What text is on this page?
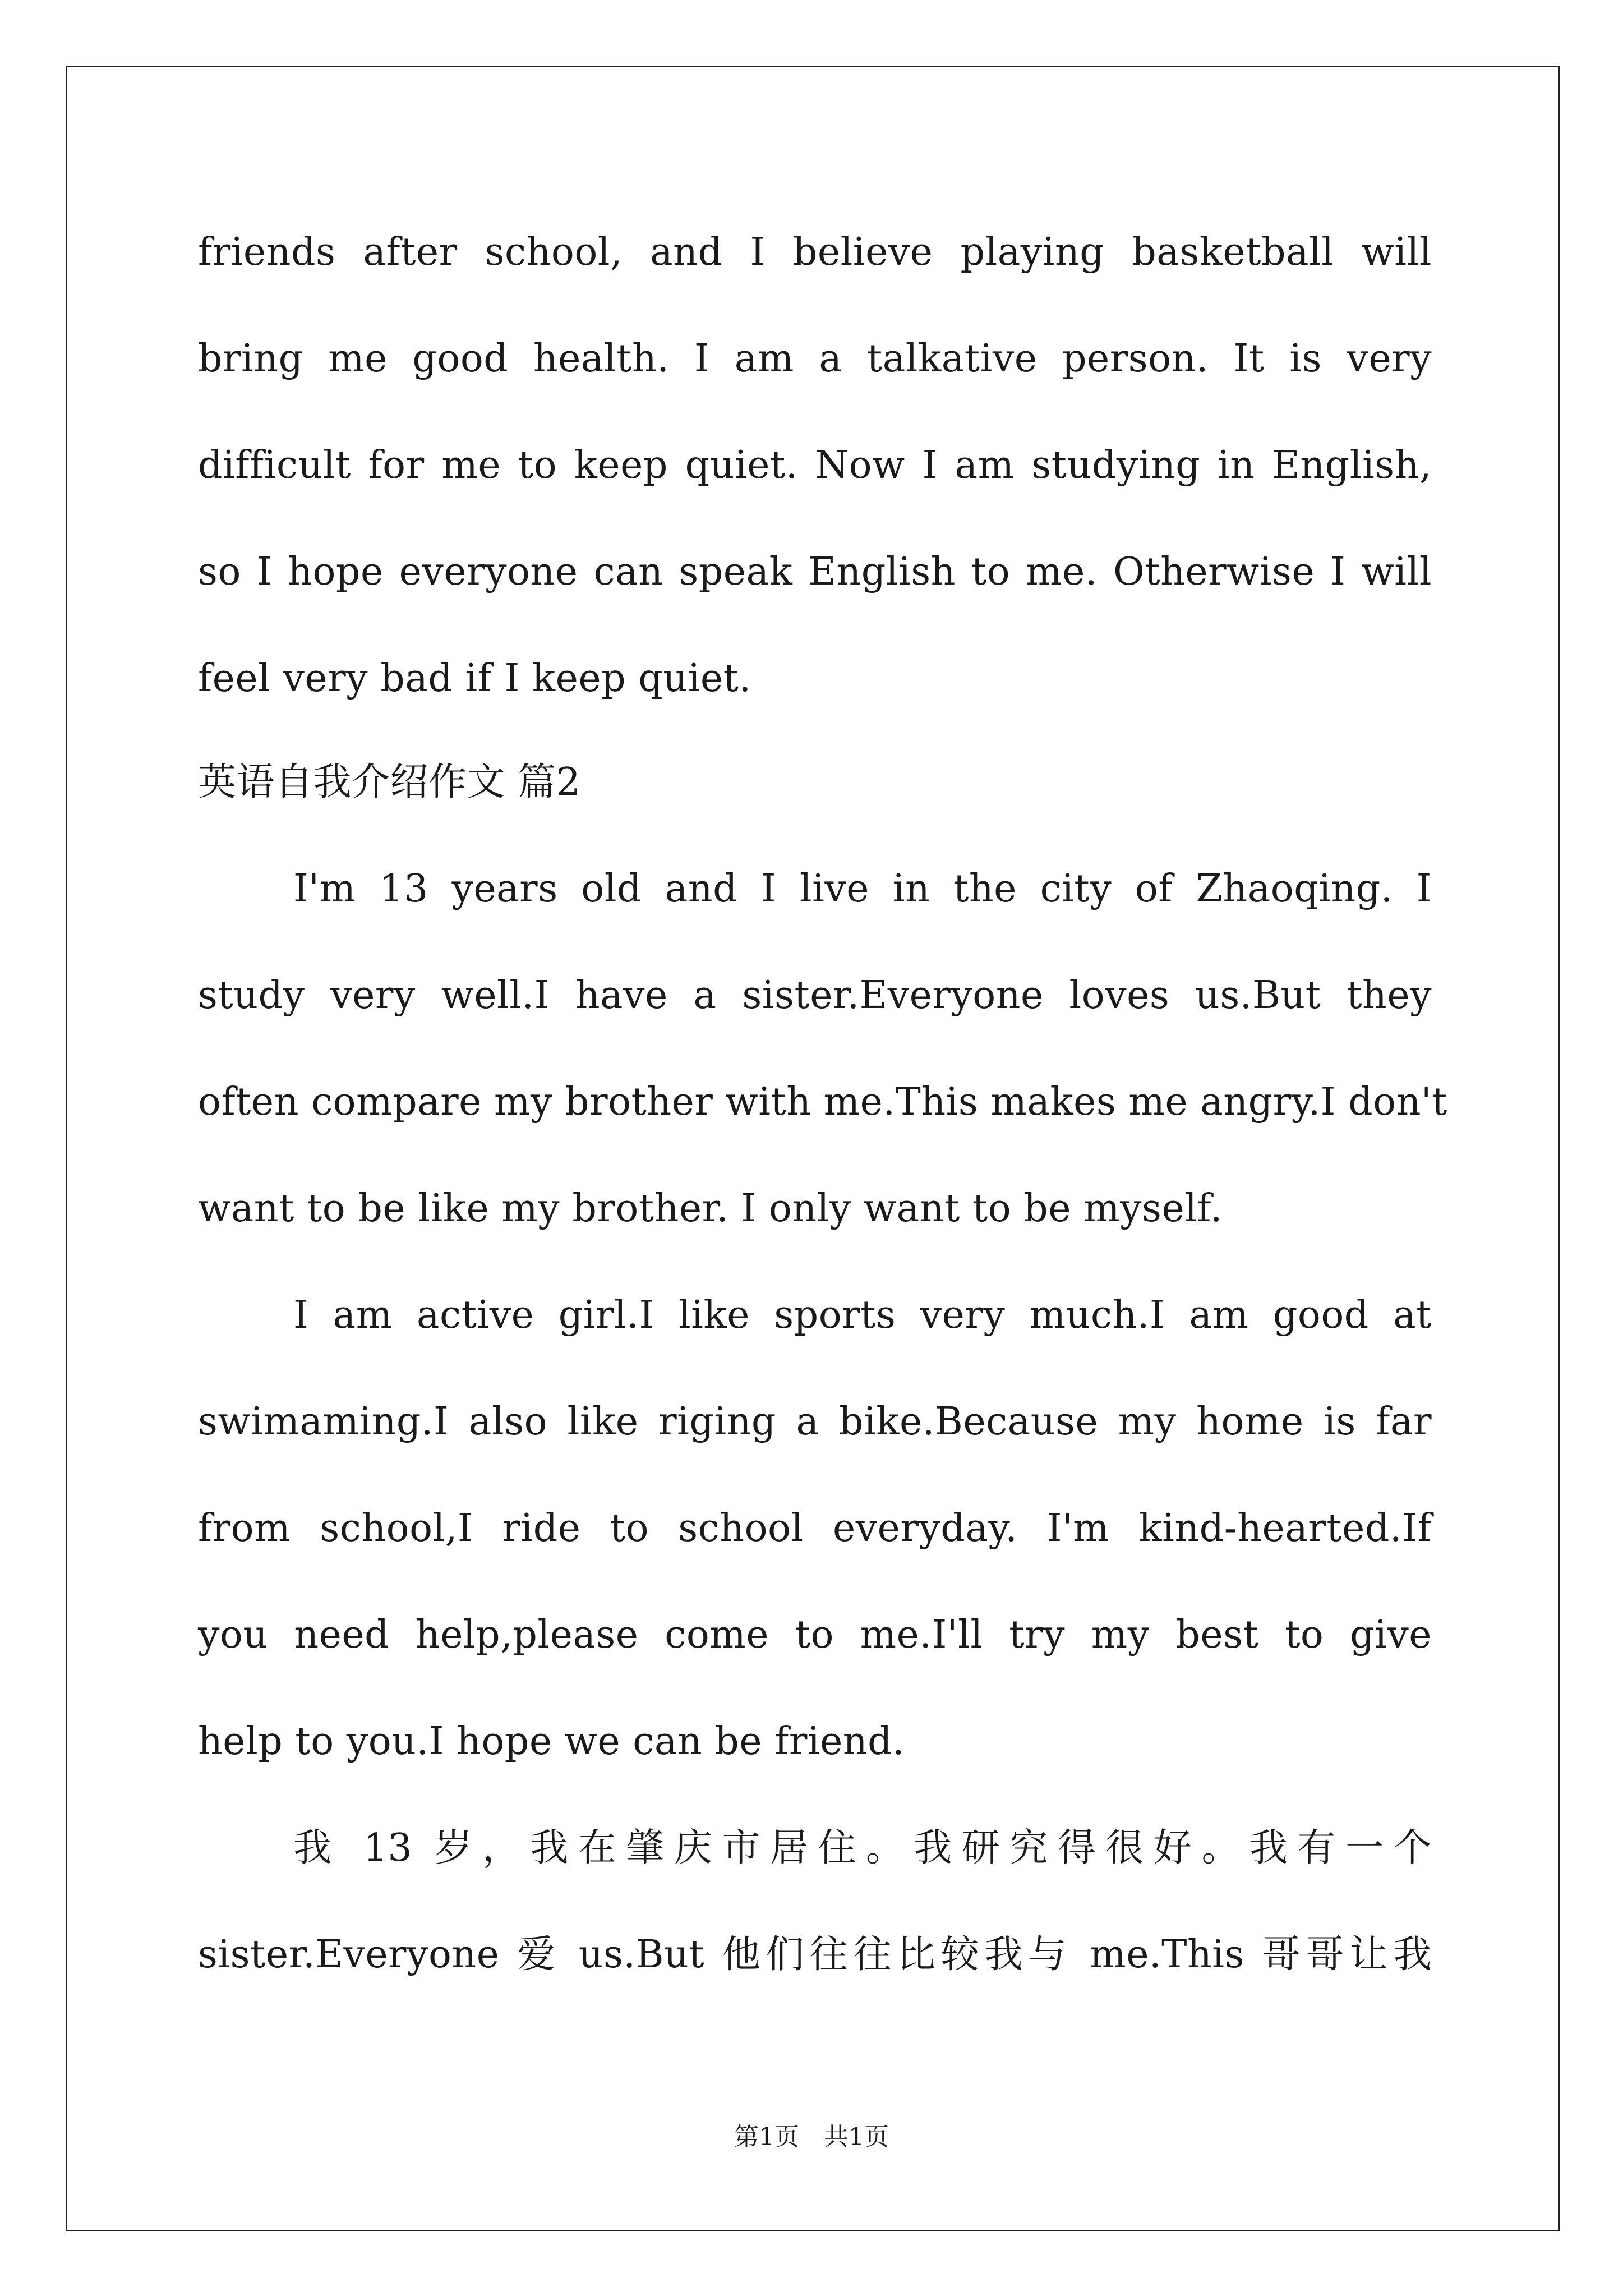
friends after school, and I believe playing basketball will
bring me good health. I am a talkative person. It is very
difficult for me to keep quiet. Now I am studying in English,
so I hope everyone can speak English to me. Otherwise I will
feel very bad if I keep quiet.
英语自我介绍作文 篇2
I'm 13 years old and I live in the city of Zhaoqing. I
study very well.I have a sister.Everyone loves us.But they
often compare my brother with me.This makes me angry.I don't
want to be like my brother. I only want to be myself.
I am active girl.I like sports very much.I am good at
swimaming.I also like riging a bike.Because my home is far
from school,I ride to school everyday. I'm kind-hearted.If
you need help,please come to me.I'll try my best to give
help to you.I hope we can be friend.
我 13 岁，我在肇庆市居住。我研究得很好。我有一个
sister.Everyone 爱 us.But 他们往往比较我与 me.This 哥哥让我
第1页　共1页
